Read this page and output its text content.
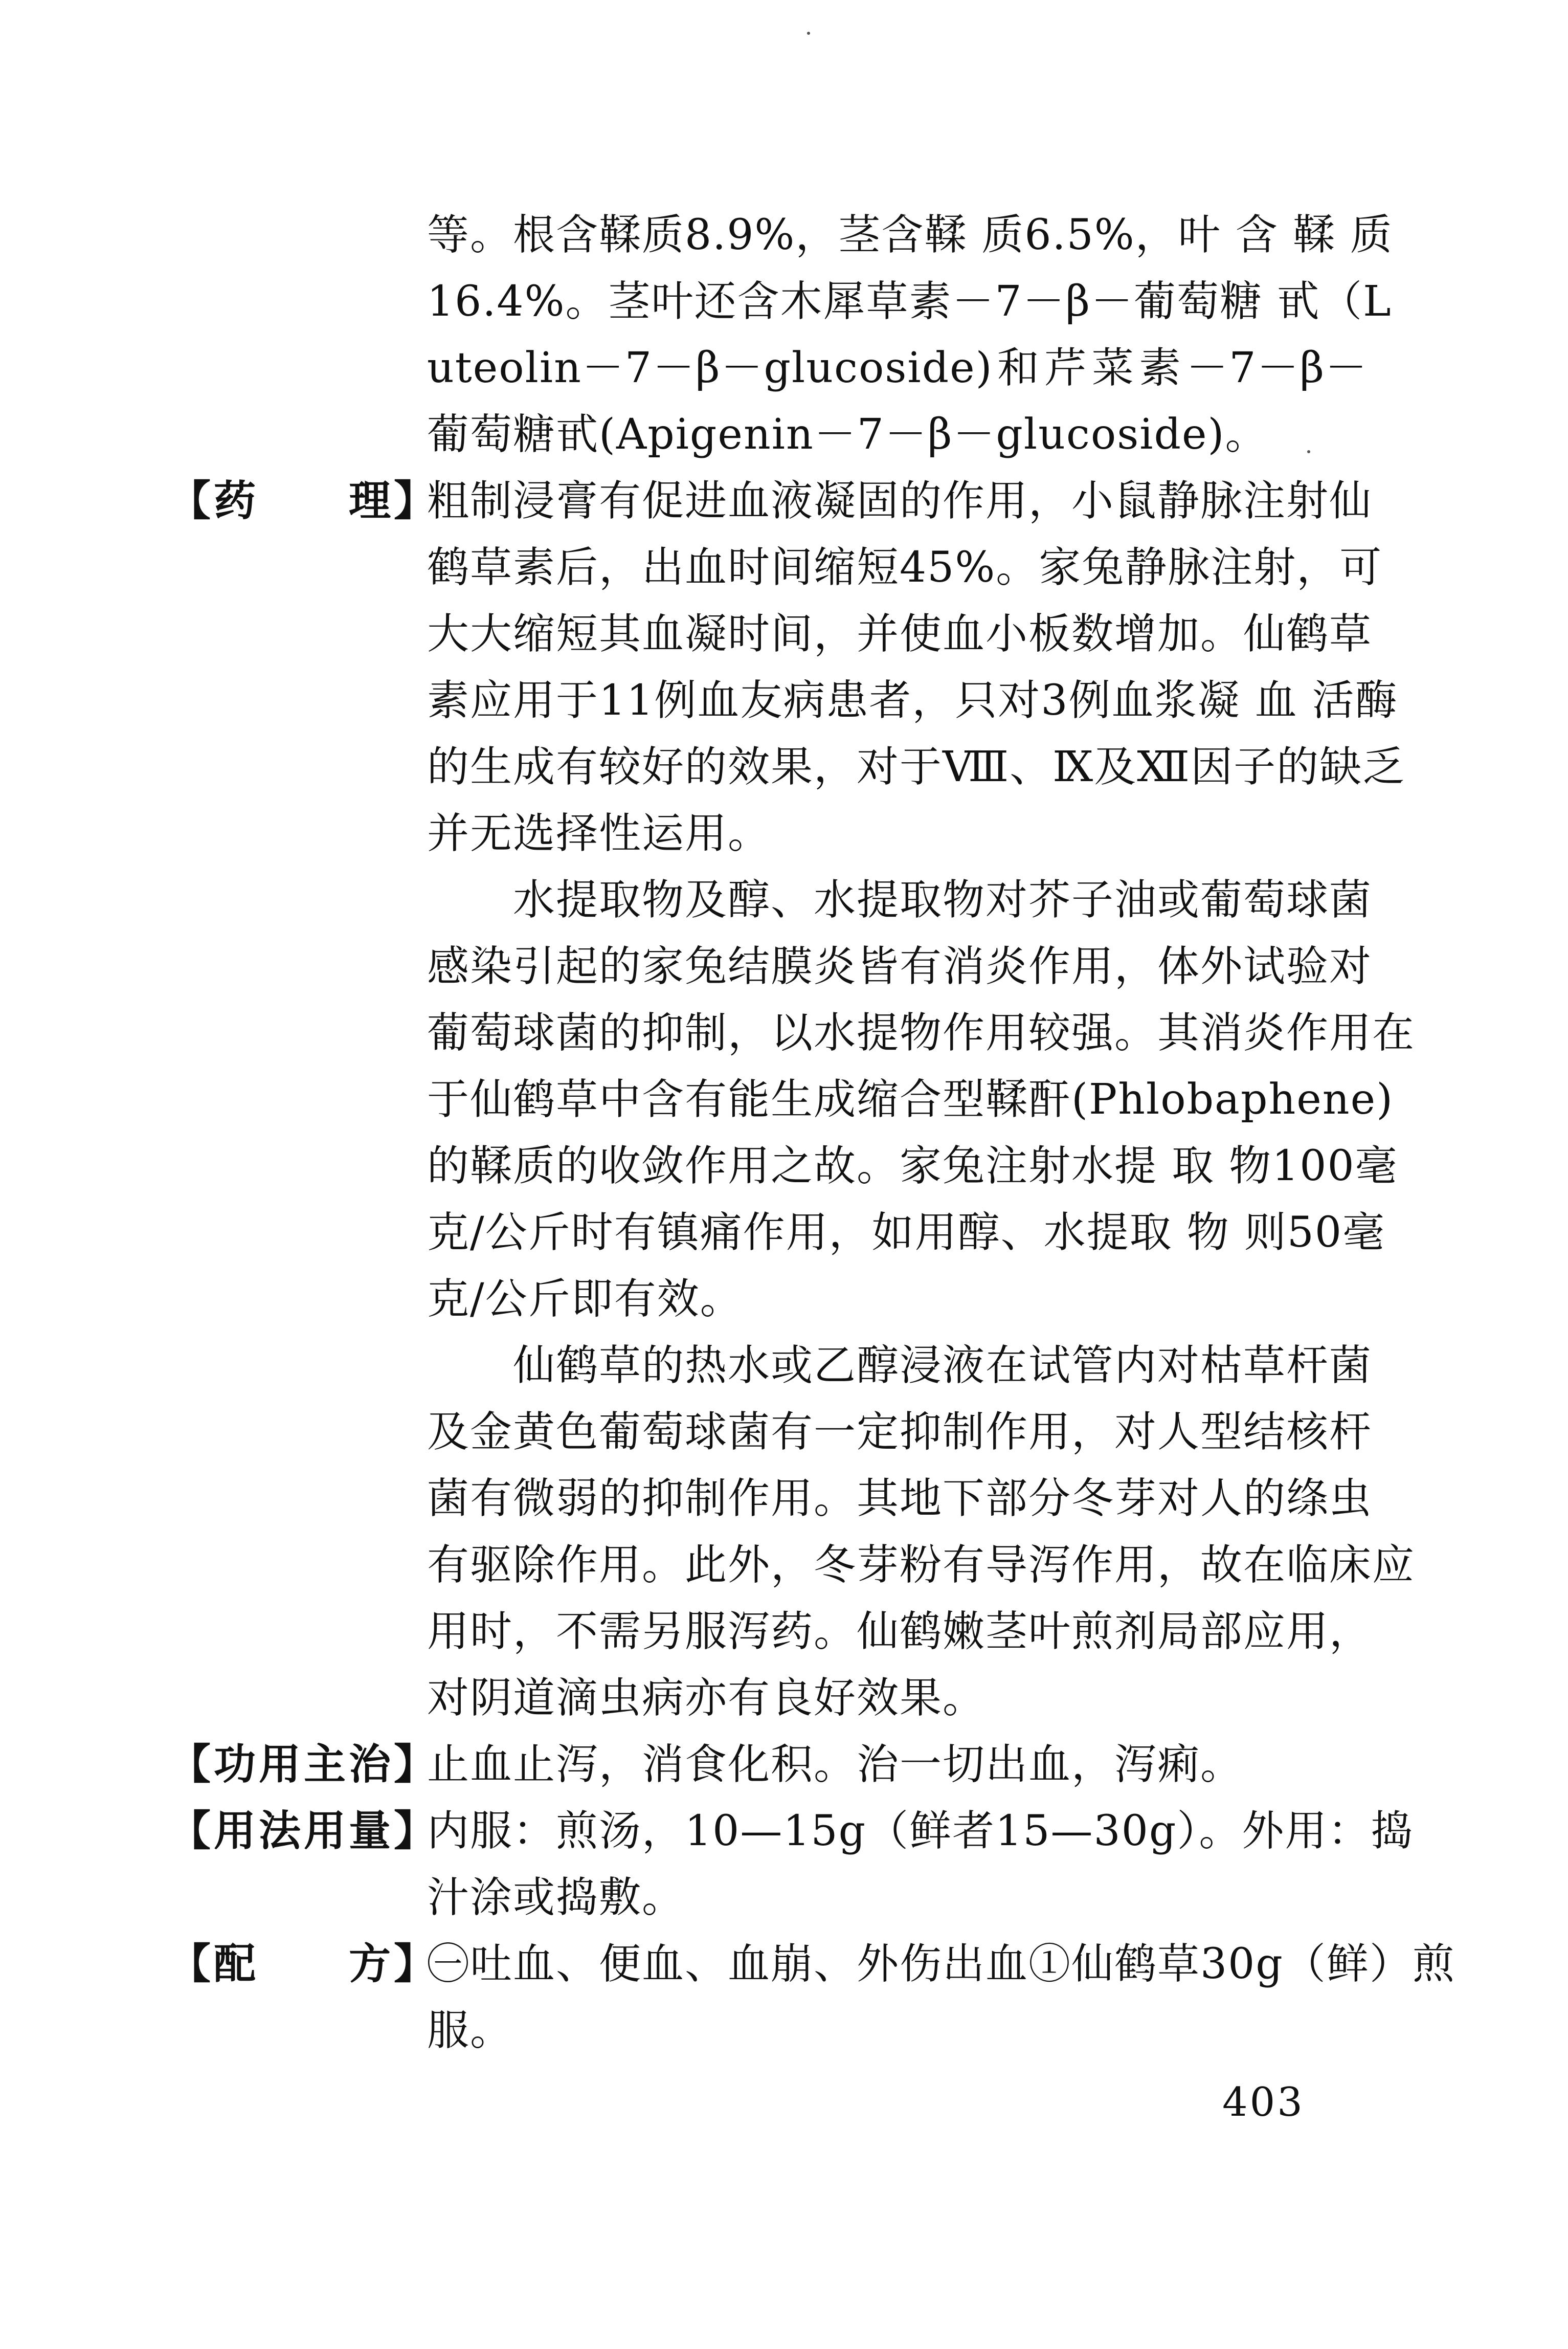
等。根含鞣质8.9%，茎含鞣 质6.5%，叶 含 鞣 质
16.4%。茎叶还含木犀草素－7－β－葡萄糖 甙（L
uteolin－7－β－glucoside)和芹菜素－7－β－
葡萄糖甙(Apigenin－7－β－glucoside)。
【药　　理】
粗制浸膏有促进血液凝固的作用，小鼠静脉注射仙
鹤草素后，出血时间缩短45%。家兔静脉注射，可
大大缩短其血凝时间，并使血小板数增加。仙鹤草
素应用于11例血友病患者，只对3例血浆凝 血 活酶
的生成有较好的效果，对于Ⅷ、Ⅸ及Ⅻ因子的缺乏
并无选择性运用。
　　水提取物及醇、水提取物对芥子油或葡萄球菌
感染引起的家兔结膜炎皆有消炎作用，体外试验对
葡萄球菌的抑制，以水提物作用较强。其消炎作用在
于仙鹤草中含有能生成缩合型鞣酐(Phlobaphene)
的鞣质的收敛作用之故。家兔注射水提 取 物100毫
克/公斤时有镇痛作用，如用醇、水提取 物 则50毫
克/公斤即有效。
　　仙鹤草的热水或乙醇浸液在试管内对枯草杆菌
及金黄色葡萄球菌有一定抑制作用，对人型结核杆
菌有微弱的抑制作用。其地下部分冬芽对人的绦虫
有驱除作用。此外，冬芽粉有导泻作用，故在临床应
用时，不需另服泻药。仙鹤嫩茎叶煎剂局部应用，
对阴道滴虫病亦有良好效果。
【功用主治】
止血止泻，消食化积。治一切出血，泻痢。
【用法用量】
内服：煎汤，10—15g（鲜者15—30g）。外用：捣
汁涂或捣敷。
【配　　方】
㊀吐血、便血、血崩、外伤出血①仙鹤草30g（鲜）煎
服。
403
